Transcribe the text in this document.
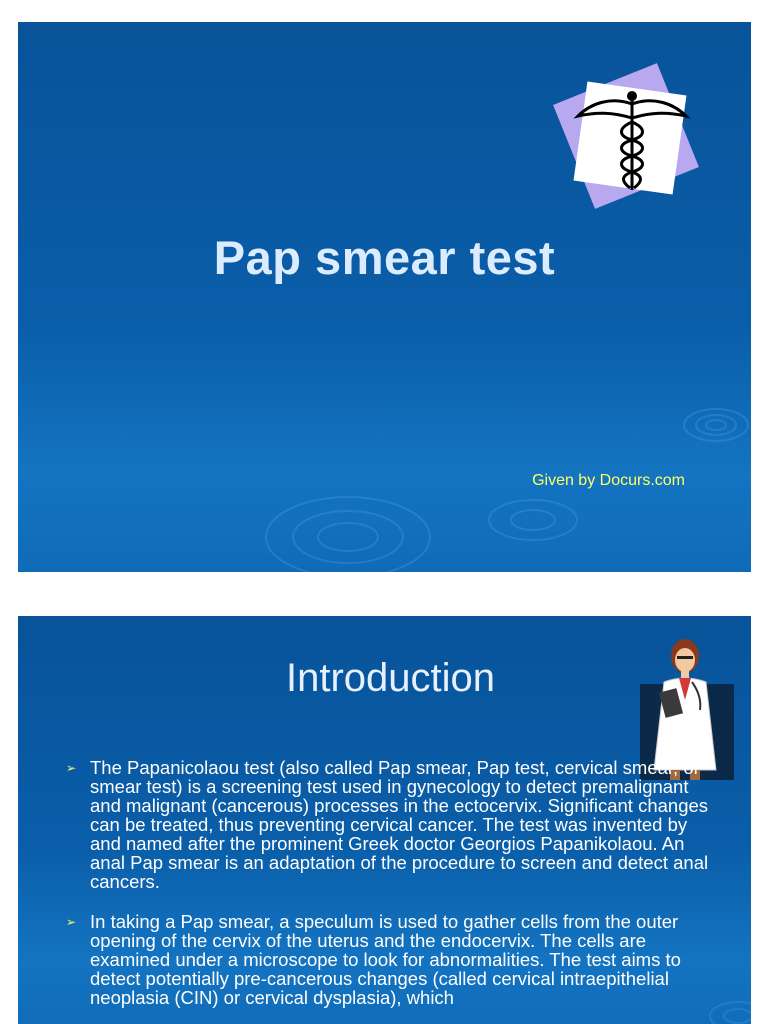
Pap smear test
Given by Docurs.com
Introduction
➢ The Papanicolaou test (also called Pap smear, Pap test, cervical smear, or smear test) is a screening test used in gynecology to detect premalignant and malignant (cancerous) processes in the ectocervix. Significant changes can be treated, thus preventing cervical cancer. The test was invented by and named after the prominent Greek doctor Georgios Papanikolaou. An anal Pap smear is an adaptation of the procedure to screen and detect anal cancers.
➢ In taking a Pap smear, a speculum is used to gather cells from the outer opening of the cervix of the uterus and the endocervix. The cells are examined under a microscope to look for abnormalities. The test aims to detect potentially pre-cancerous changes (called cervical intraepithelial neoplasia (CIN) or cervical dysplasia), which
